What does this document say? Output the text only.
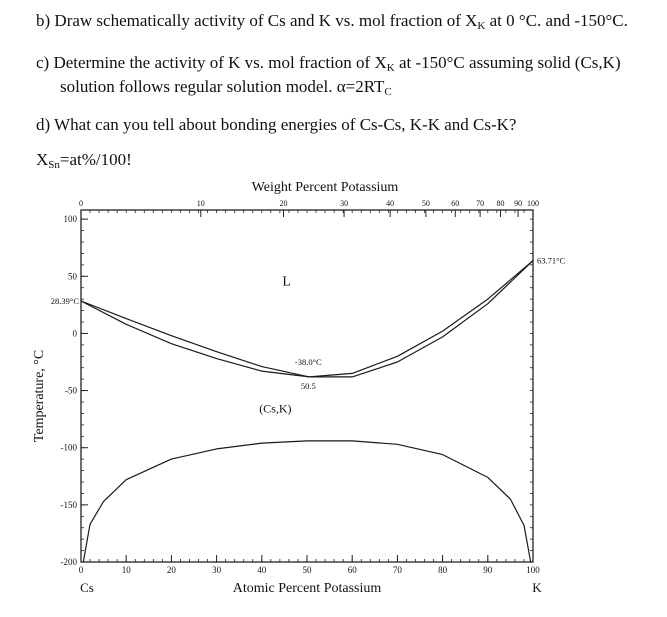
b) Draw schematically activity of Cs and K vs. mol fraction of $X_K$ at 0 °C. and -150°C.
c) Determine the activity of K vs. mol fraction of $X_K$ at -150°C assuming solid (Cs,K)
solution follows regular solution model. $\alpha=2RT_C$
d) What can you tell about bonding energies of Cs-Cs, K-K and Cs-K?
$X_{Sn}=at\%/100$!
0	10	20	30	40	50	60	70	80	90	100
100
50
0
-50
-100
-150
-200
0	10	20	30	40	50	60 70 80 90 100
Weight Percent Potassium
Atomic Percent Potassium
Temperature, °C
Cs	K
28.39°C
63.71°C
-38.0°C
50.5
L
(Cs,K)
